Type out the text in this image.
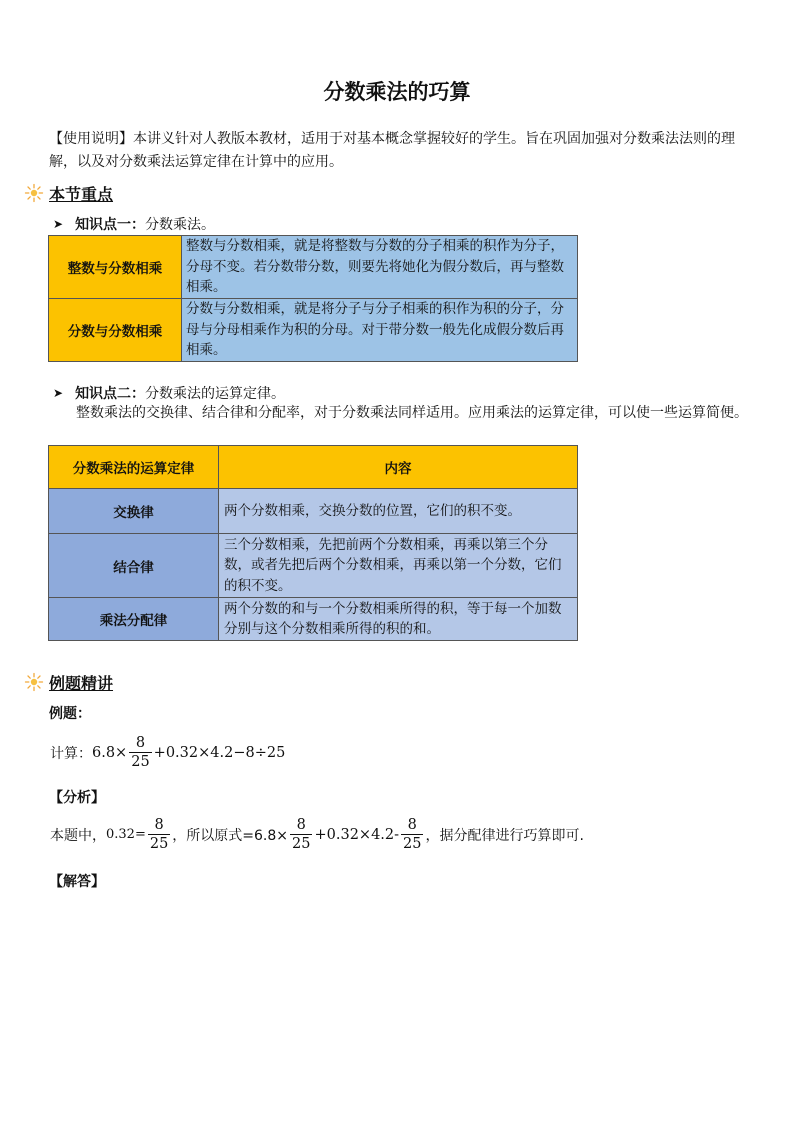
分数乘法的巧算
【使用说明】本讲义针对人教版本教材，适用于对基本概念掌握较好的学生。旨在巩固加强对分数乘法法则的理解，以及对分数乘法运算定律在计算中的应用。
本节重点
➤ 知识点一： 分数乘法。
整数与分数相乘	整数与分数相乘，就是将整数与分数的分子相乘的积作为分子，分母不变。若分数带分数，则要先将她化为假分数后，再与整数相乘。
分数与分数相乘	分数与分数相乘，就是将分子与分子相乘的积作为积的分子，分母与分母相乘作为积的分母。对于带分数一般先化成假分数后再相乘。
➤ 知识点二： 分数乘法的运算定律。
整数乘法的交换律、结合律和分配率，对于分数乘法同样适用。应用乘法的运算定律，可以使一些运算简便。
分数乘法的运算定律	内容
交换律	两个分数相乘，交换分数的位置，它们的积不变。
结合律	三个分数相乘，先把前两个分数相乘，再乘以第三个分数，或者先把后两个分数相乘，再乘以第一个分数，它们的积不变。
乘法分配律	两个分数的和与一个分数相乘所得的积，等于每一个加数分别与这个分数相乘所得的积的和。
例题精讲
例题：
计算： $6.8\times \frac{8}{25} +0.32\times 4.2-8\div 25$
【分析】
本题中， $0.32= \frac{8}{25}$ ，所以原式$=6.8\times \frac{8}{25} +0.32\times 4.2- \frac{8}{25}$ ，据分配律进行巧算即可.
【解答】
